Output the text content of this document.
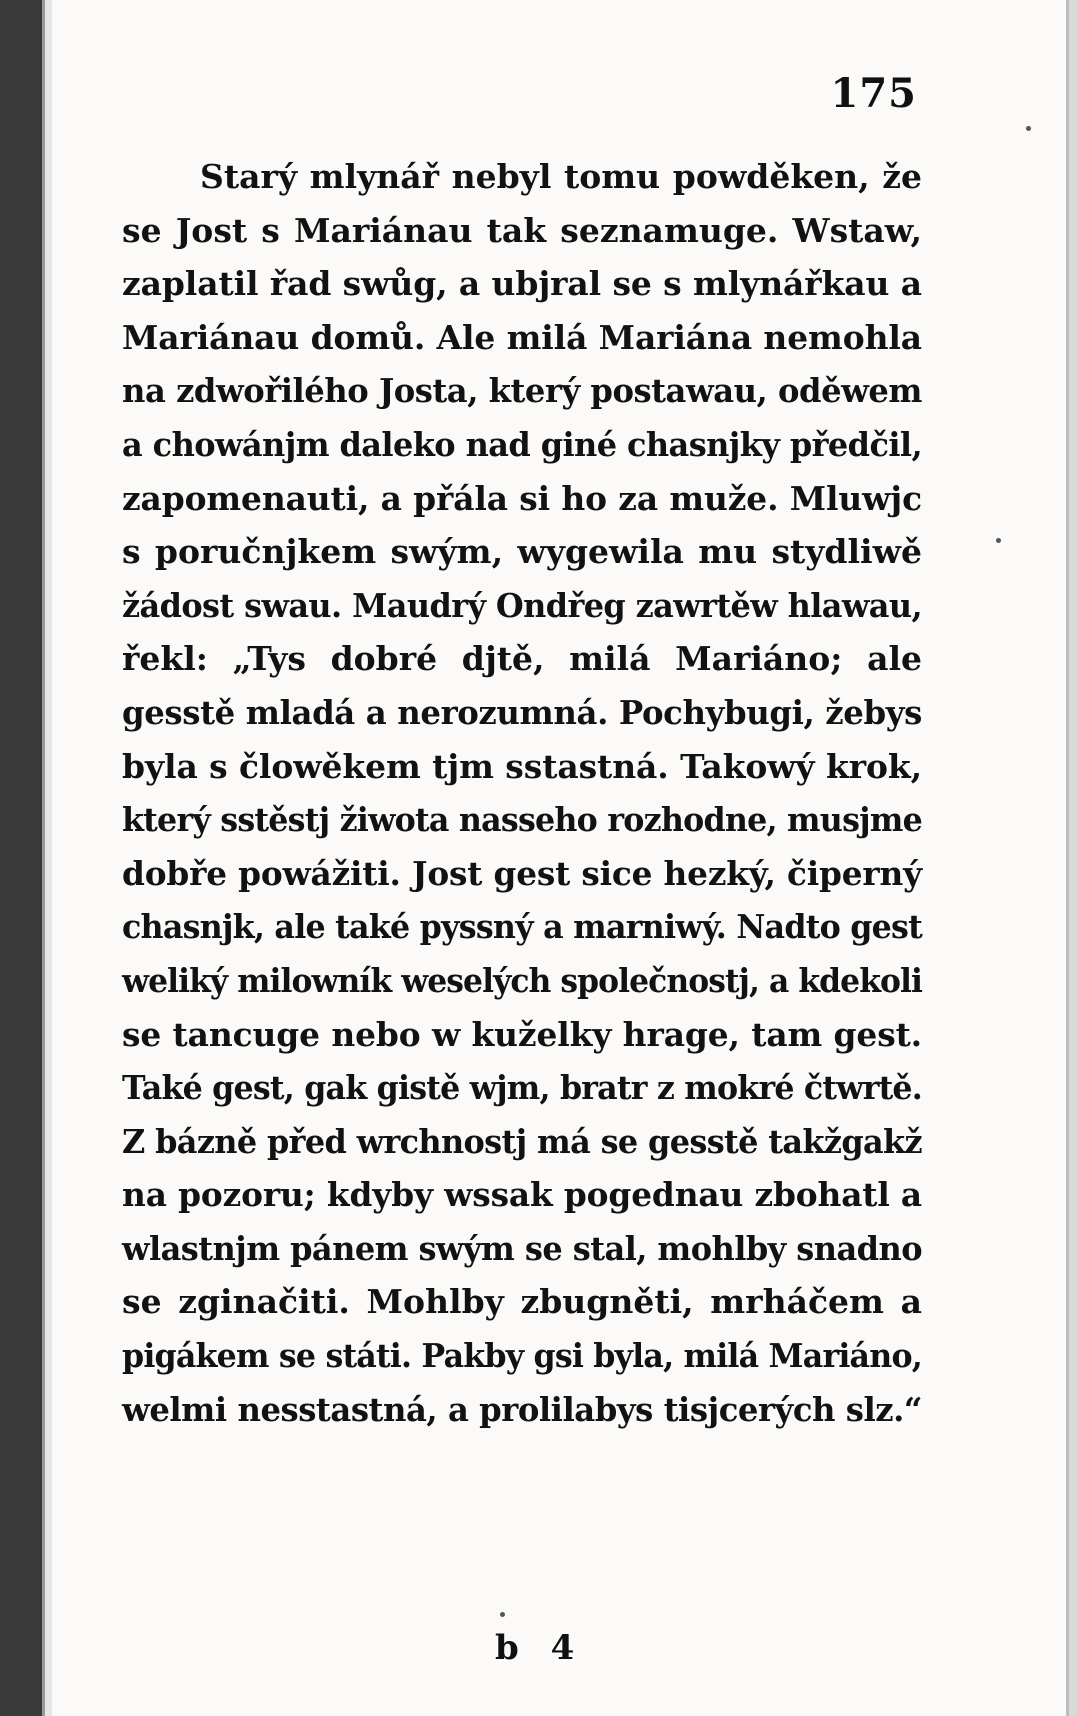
175
Starý mlynář nebyl tomu powděken, že
se Jost s Mariánau tak seznamuge. Wstaw,
zaplatil řad swůg, a ubjral se s mlynářkau a
Mariánau domů. Ale milá Mariána nemohla
na zdwořilého Josta, který postawau, oděwem
a chowánjm daleko nad giné chasnjky předčil,
zapomenauti, a přála si ho za muže. Mluwjc
s poručnjkem swým, wygewila mu stydliwě
žádost swau. Maudrý Ondřeg zawrtěw hlawau,
řekl: „Tys dobré djtě, milá Mariáno; ale
gesstě mladá a nerozumná. Pochybugi, žebys
byla s člowěkem tjm sstastná. Takowý krok,
který sstěstj žiwota nasseho rozhodne, musjme
dobře powážiti. Jost gest sice hezký, čiperný
chasnjk, ale také pyssný a marniwý. Nadto gest
weliký milowník weselých společnostj, a kdekoli
se tancuge nebo w kuželky hrage, tam gest.
Také gest, gak gistě wjm, bratr z mokré čtwrtě.
Z bázně před wrchnostj má se gesstě takžgakž
na pozoru; kdyby wssak pogednau zbohatl a
wlastnjm pánem swým se stal, mohlby snadno
se zginačiti. Mohlby zbugněti, mrháčem a
pigákem se státi. Pakby gsi byla, milá Mariáno,
welmi nesstastná, a prolilabys tisjcerých slz.“
b 4
